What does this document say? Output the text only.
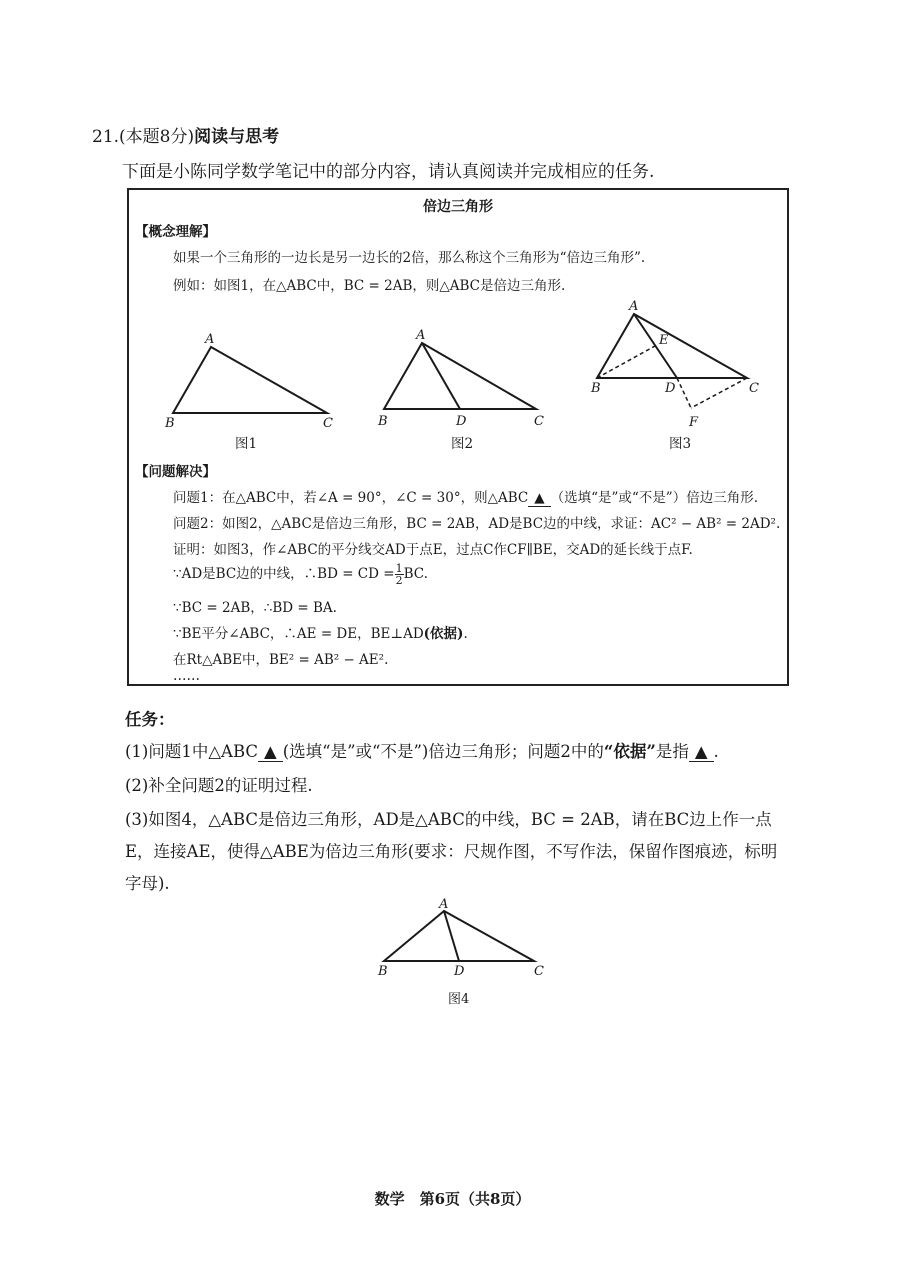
21.(本题8分)阅读与思考
下面是小陈同学数学笔记中的部分内容，请认真阅读并完成相应的任务.
倍边三角形
【概念理解】
如果一个三角形的一边长是另一边长的2倍，那么称这个三角形为“倍边三角形”.
例如：如图1，在△ABC中，BC = 2AB，则△ABC是倍边三角形.
A
B	C
图1
A
B	D	C
图2
A
E
B	D	C
F
图3
【问题解决】
问题1：在△ABC中，若∠A = 90°，∠C = 30°，则△ABC ▲ （选填“是”或“不是”）倍边三角形.
问题2：如图2，△ABC是倍边三角形，BC = 2AB，AD是BC边的中线，求证：AC² − AB² = 2AD².
证明：如图3，作∠ABC的平分线交AD于点E，过点C作CF∥BE，交AD的延长线于点F.
∵AD是BC边的中线，∴BD = CD = $\frac{1}{2}$ BC.
∵BC = 2AB，∴BD = BA.
∵BE平分∠ABC，∴AE = DE，BE⊥AD(依据).
在Rt△ABE中，BE² = AB² − AE².
……
任务：
(1)问题1中△ABC ▲ (选填“是”或“不是”)倍边三角形；问题2中的“依据”是指 ▲ .
(2)补全问题2的证明过程.
(3)如图4，△ABC是倍边三角形，AD是△ABC的中线，BC = 2AB，请在BC边上作一点
E，连接AE，使得△ABE为倍边三角形(要求：尺规作图，不写作法，保留作图痕迹，标明
字母).
A
B	D	C
图4
数学　第6页（共8页）
